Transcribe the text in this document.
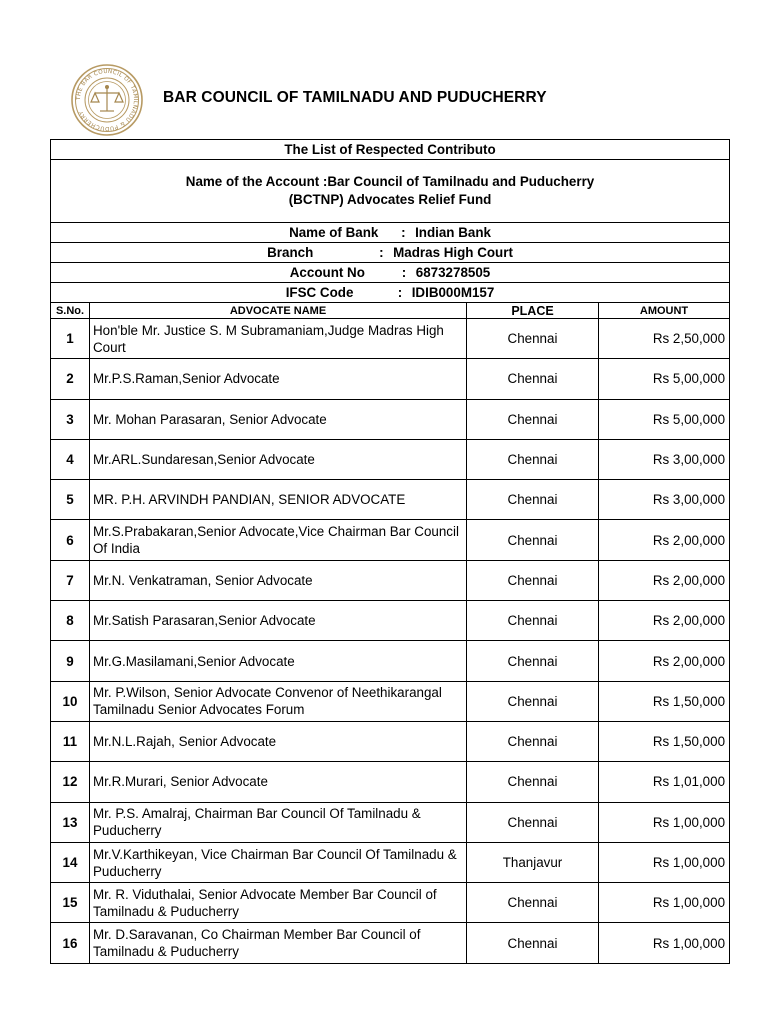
THE BAR COUNCIL OF TAMILNADU & PUDUCHERRY
BAR COUNCIL OF TAMILNADU AND PUDUCHERRY
The List of Respected Contributo			

Name of the Account :Bar Council of Tamilnadu and Puducherry
(BCTNP) Advocates Relief Fund			

Name of Bank : Indian Bank			
Branch : Madras High Court			
Account No : 6873278505			
IFSC Code : IDIB000M157			
S.No.	ADVOCATE NAME	PLACE	AMOUNT
1	Hon'ble Mr. Justice S. M Subramaniam,Judge Madras High Court	Chennai	Rs 2,50,000
2	Mr.P.S.Raman,Senior Advocate	Chennai	Rs 5,00,000
3	Mr. Mohan Parasaran, Senior Advocate	Chennai	Rs 5,00,000
4	Mr.ARL.Sundaresan,Senior Advocate	Chennai	Rs 3,00,000
5	MR. P.H. ARVINDH PANDIAN, SENIOR ADVOCATE	Chennai	Rs 3,00,000
6	Mr.S.Prabakaran,Senior Advocate,Vice Chairman Bar Council Of India	Chennai	Rs 2,00,000
7	Mr.N. Venkatraman, Senior Advocate	Chennai	Rs 2,00,000
8	Mr.Satish Parasaran,Senior Advocate	Chennai	Rs 2,00,000
9	Mr.G.Masilamani,Senior Advocate	Chennai	Rs 2,00,000
10	Mr. P.Wilson, Senior Advocate Convenor of Neethikarangal Tamilnadu Senior Advocates Forum	Chennai	Rs 1,50,000
11	Mr.N.L.Rajah, Senior Advocate	Chennai	Rs 1,50,000
12	Mr.R.Murari, Senior Advocate	Chennai	Rs 1,01,000
13	Mr. P.S. Amalraj, Chairman Bar Council Of Tamilnadu & Puducherry	Chennai	Rs 1,00,000
14	Mr.V.Karthikeyan, Vice Chairman Bar Council Of Tamilnadu & Puducherry	Thanjavur	Rs 1,00,000
15	Mr. R. Viduthalai, Senior Advocate Member Bar Council of Tamilnadu & Puducherry	Chennai	Rs 1,00,000
16	Mr. D.Saravanan, Co Chairman Member Bar Council of Tamilnadu & Puducherry	Chennai	Rs 1,00,000
